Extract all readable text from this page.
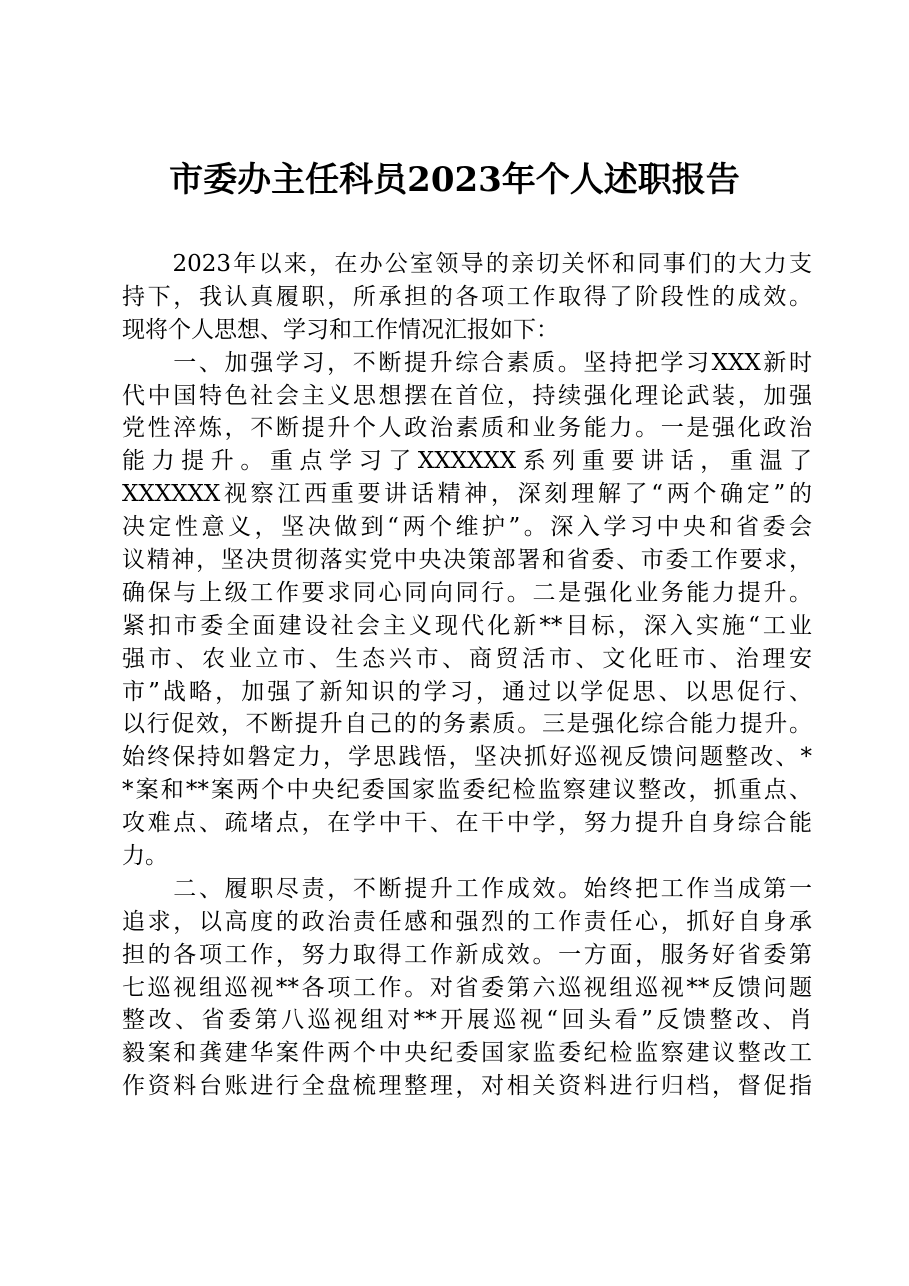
市委办主任科员2023年个人述职报告
　　2023年以来，在办公室领导的亲切关怀和同事们的大力支
持下，我认真履职，所承担的各项工作取得了阶段性的成效。
现将个人思想、学习和工作情况汇报如下：
　　一、加强学习，不断提升综合素质。坚持把学习XXX新时
代中国特色社会主义思想摆在首位，持续强化理论武装，加强
党性淬炼，不断提升个人政治素质和业务能力。一是强化政治
能力提升。重点学习了XXXXXX系列重要讲话，重温了
XXXXXX视察江西重要讲话精神，深刻理解了“两个确定”的
决定性意义，坚决做到“两个维护”。深入学习中央和省委会
议精神，坚决贯彻落实党中央决策部署和省委、市委工作要求，
确保与上级工作要求同心同向同行。二是强化业务能力提升。
紧扣市委全面建设社会主义现代化新**目标，深入实施“工业
强市、农业立市、生态兴市、商贸活市、文化旺市、治理安
市”战略，加强了新知识的学习，通过以学促思、以思促行、
以行促效，不断提升自己的的务素质。三是强化综合能力提升。
始终保持如磐定力，学思践悟，坚决抓好巡视反馈问题整改、*
*案和**案两个中央纪委国家监委纪检监察建议整改，抓重点、
攻难点、疏堵点，在学中干、在干中学，努力提升自身综合能
力。
　　二、履职尽责，不断提升工作成效。始终把工作当成第一
追求，以高度的政治责任感和强烈的工作责任心，抓好自身承
担的各项工作，努力取得工作新成效。一方面，服务好省委第
七巡视组巡视**各项工作。对省委第六巡视组巡视**反馈问题
整改、省委第八巡视组对**开展巡视“回头看”反馈整改、肖
毅案和龚建华案件两个中央纪委国家监委纪检监察建议整改工
作资料台账进行全盘梳理整理，对相关资料进行归档，督促指
